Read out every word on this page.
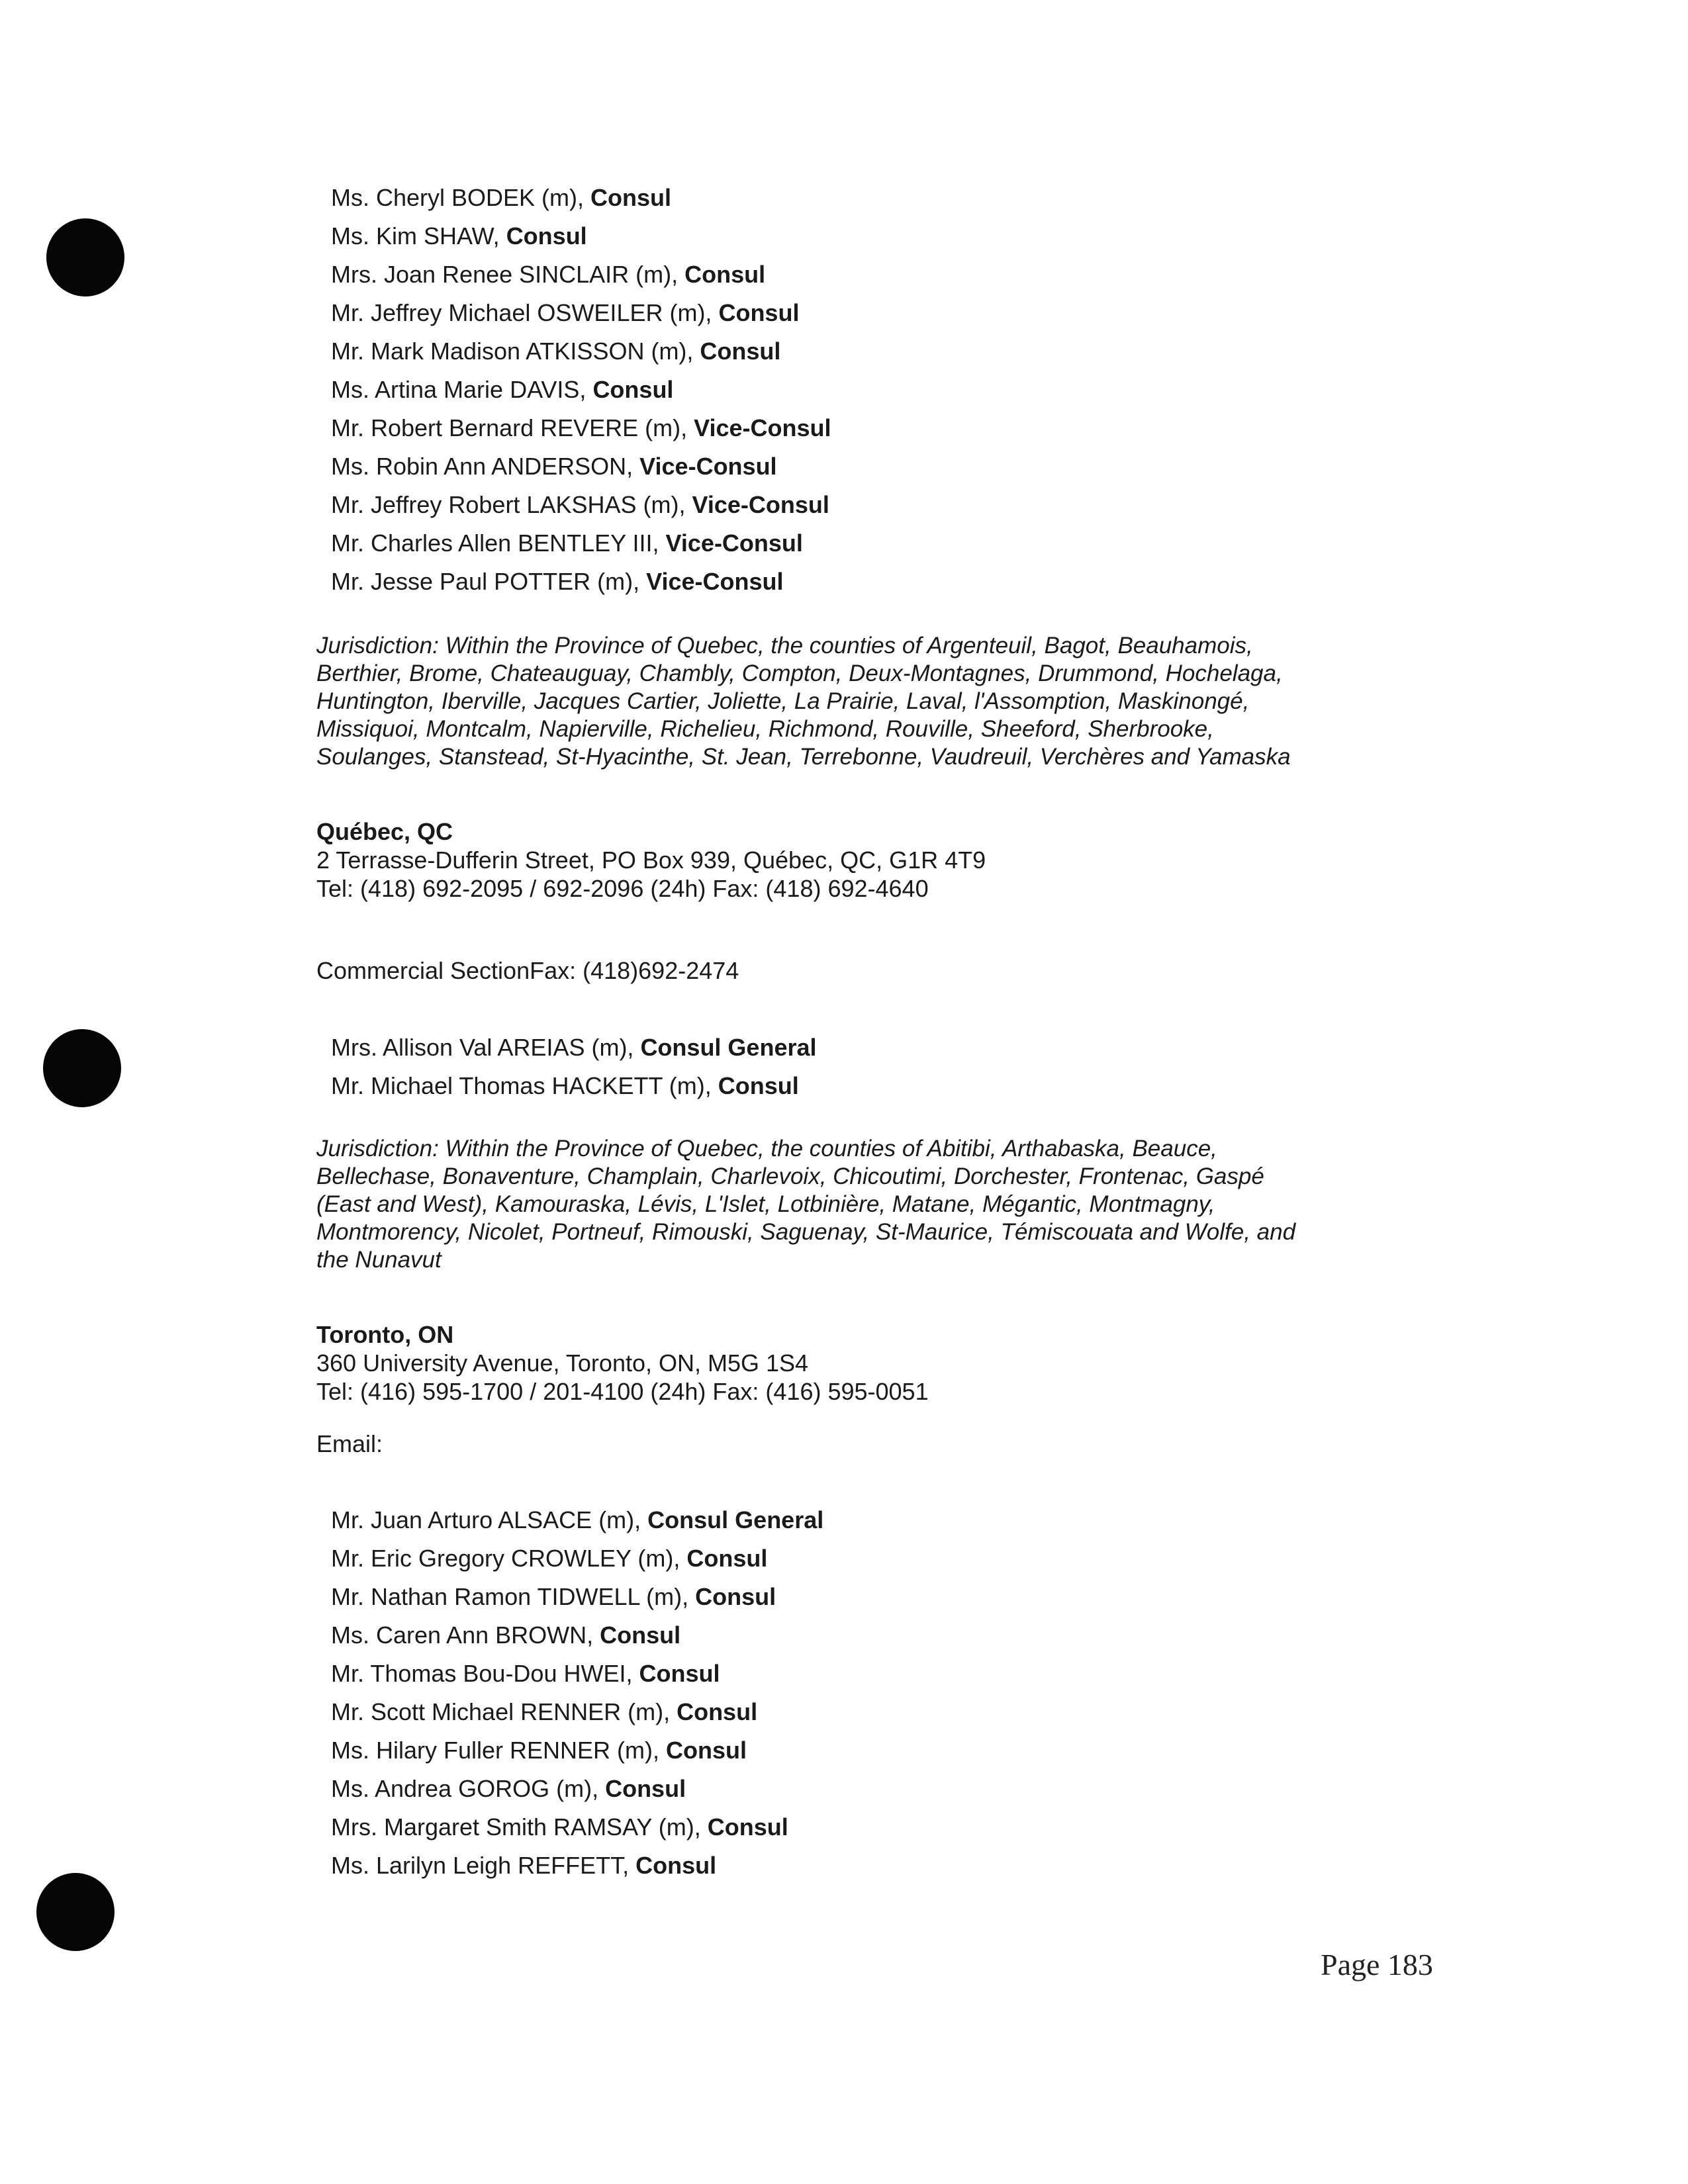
Ms. Cheryl BODEK (m), Consul
Ms. Kim SHAW, Consul
Mrs. Joan Renee SINCLAIR (m), Consul
Mr. Jeffrey Michael OSWEILER (m), Consul
Mr. Mark Madison ATKISSON (m), Consul
Ms. Artina Marie DAVIS, Consul
Mr. Robert Bernard REVERE (m), Vice-Consul
Ms. Robin Ann ANDERSON, Vice-Consul
Mr. Jeffrey Robert LAKSHAS (m), Vice-Consul
Mr. Charles Allen BENTLEY III, Vice-Consul
Mr. Jesse Paul POTTER (m), Vice-Consul
Jurisdiction: Within the Province of Quebec, the counties of Argenteuil, Bagot, Beauhamois,
Berthier, Brome, Chateauguay, Chambly, Compton, Deux-Montagnes, Drummond, Hochelaga,
Huntington, Iberville, Jacques Cartier, Joliette, La Prairie, Laval, l'Assomption, Maskinongé,
Missiquoi, Montcalm, Napierville, Richelieu, Richmond, Rouville, Sheeford, Sherbrooke,
Soulanges, Stanstead, St-Hyacinthe, St. Jean, Terrebonne, Vaudreuil, Verchères and Yamaska
Québec, QC
2 Terrasse-Dufferin Street, PO Box 939, Québec, QC, G1R 4T9
Tel: (418) 692-2095 / 692-2096 (24h) Fax: (418) 692-4640
Commercial SectionFax: (418)692-2474
Mrs. Allison Val AREIAS (m), Consul General
Mr. Michael Thomas HACKETT (m), Consul
Jurisdiction: Within the Province of Quebec, the counties of Abitibi, Arthabaska, Beauce,
Bellechase, Bonaventure, Champlain, Charlevoix, Chicoutimi, Dorchester, Frontenac, Gaspé
(East and West), Kamouraska, Lévis, L'Islet, Lotbinière, Matane, Mégantic, Montmagny,
Montmorency, Nicolet, Portneuf, Rimouski, Saguenay, St-Maurice, Témiscouata and Wolfe, and
the Nunavut
Toronto, ON
360 University Avenue, Toronto, ON, M5G 1S4
Tel: (416) 595-1700 / 201-4100 (24h) Fax: (416) 595-0051
Email:
Mr. Juan Arturo ALSACE (m), Consul General
Mr. Eric Gregory CROWLEY (m), Consul
Mr. Nathan Ramon TIDWELL (m), Consul
Ms. Caren Ann BROWN, Consul
Mr. Thomas Bou-Dou HWEI, Consul
Mr. Scott Michael RENNER (m), Consul
Ms. Hilary Fuller RENNER (m), Consul
Ms. Andrea GOROG (m), Consul
Mrs. Margaret Smith RAMSAY (m), Consul
Ms. Larilyn Leigh REFFETT, Consul
Page 183
